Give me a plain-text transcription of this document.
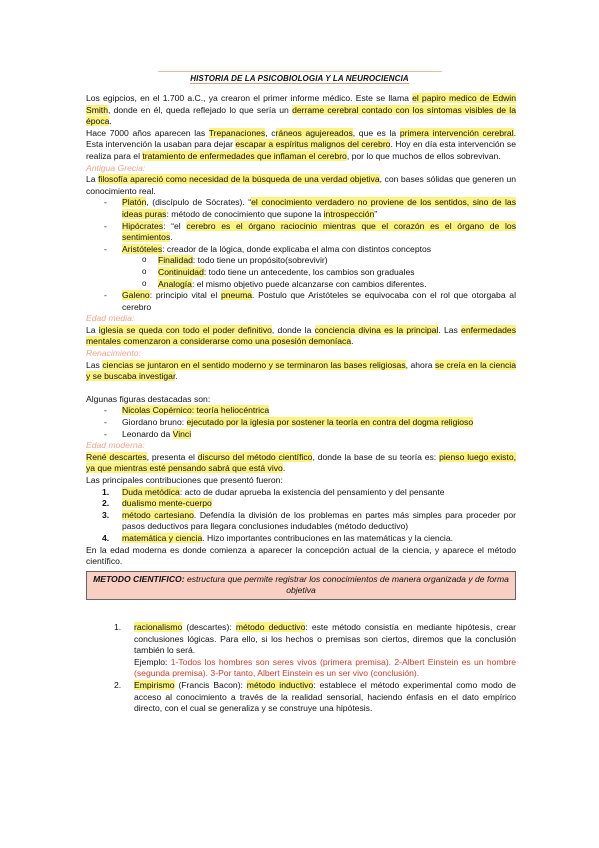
HISTORIA DE LA PSICOBIOLOGIA Y LA NEUROCIENCIA

Los egipcios, en el 1.700 a.C., ya crearon el primer informe médico. Este se llama el papiro medico de Edwin Smith, donde en él, queda reflejado lo que sería un derrame cerebral contado con los síntomas visibles de la época.

Hace 7000 años aparecen las Trepanaciones, cráneos agujereados, que es la primera intervención cerebral. Esta intervención la usaban para dejar escapar a espíritus malignos del cerebro. Hoy en día esta intervención se realiza para el tratamiento de enfermedades que inflaman el cerebro, por lo que muchos de ellos sobrevivan.

Antigua Grecia:

La filosofía apareció como necesidad de la búsqueda de una verdad objetiva, con bases sólidas que generen un conocimiento real.

- Platón, (discípulo de Sócrates). “el conocimiento verdadero no proviene de los sentidos, sino de las ideas puras: método de conocimiento que supone la introspección”
- Hipócrates: “el cerebro es el órgano raciocinio mientras que el corazón es el órgano de los sentimientos.
- Aristóteles: creador de la lógica, donde explicaba el alma con distintos conceptos
o Finalidad: todo tiene un propósito(sobrevivir)
o Continuidad: todo tiene un antecedente, los cambios son graduales
o Analogía: el mismo objetivo puede alcanzarse con cambios diferentes.
- Galeno: principio vital el pneuma. Postulo que Aristóteles se equivocaba con el rol que otorgaba al cerebro

Edad media:

La iglesia se queda con todo el poder definitivo, donde la conciencia divina es la principal. Las enfermedades mentales comenzaron a considerarse como una posesión demoníaca.

Renacimiento:

Las ciencias se juntaron en el sentido moderno y se terminaron las bases religiosas, ahora se creía en la ciencia y se buscaba investigar.

Algunas figuras destacadas son:

- Nicolas Copérnico: teoría heliocéntrica
- Giordano bruno: ejecutado por la iglesia por sostener la teoría en contra del dogma religioso
- Leonardo da Vinci

Edad moderna:

René descartes, presenta el discurso del método científico, donde la base de su teoría es: pienso luego existo, ya que mientras esté pensando sabrá que está vivo.

Las principales contribuciones que presentó fueron:

1. Duda metódica: acto de dudar aprueba la existencia del pensamiento y del pensante
2. dualismo mente-cuerpo
3. método cartesiano. Defendía la división de los problemas en partes más simples para proceder por pasos deductivos para llegara conclusiones indudables (método deductivo)
4. matemática y ciencia. Hizo importantes contribuciones en las matemáticas y la ciencia.

En la edad moderna es donde comienza a aparecer la concepción actual de la ciencia, y aparece el método científico.

METODO CIENTIFICO: estructura que permite registrar los conocimientos de manera organizada y de forma objetiva
1. racionalismo (descartes): método deductivo: este método consistía en mediante hipótesis, crear conclusiones lógicas. Para ello, si los hechos o premisas son ciertos, diremos que la conclusión también lo será.

Ejemplo: 1-Todos los hombres son seres vivos (primera premisa). 2-Albert Einstein es un hombre (segunda premisa). 3-Por tanto, Albert Einstein es un ser vivo (conclusión).

2. Empirismo (Francis Bacon): método inductivo: establece el método experimental como modo de acceso al conocimiento a través de la realidad sensorial, haciendo énfasis en el dato empírico directo, con el cual se generaliza y se construye una hipótesis.
